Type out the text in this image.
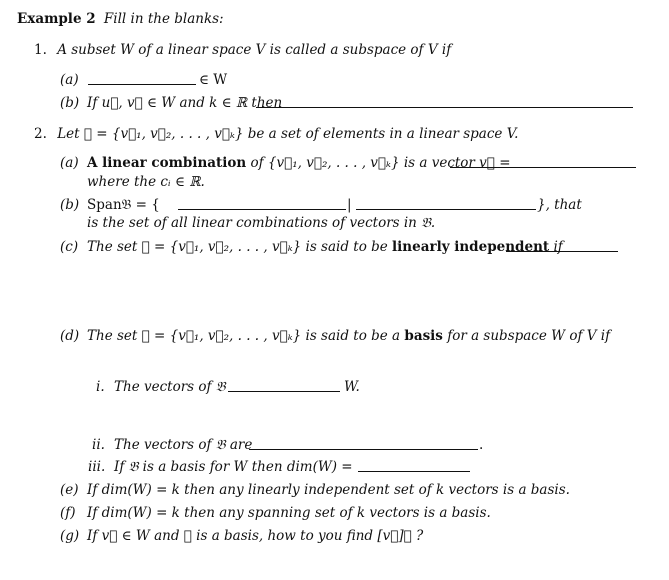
Example 2 Fill in the blanks:
1. A subset W of a linear space V is called a subspace of V if
(a)	∈ W
(b) If u⃗, v⃗ ∈ W and k ∈ ℝ then
2. Let 𝔅 = {v⃗₁, v⃗₂, . . . , v⃗ₖ} be a set of elements in a linear space V.
(a) A linear combination of {v⃗₁, v⃗₂, . . . , v⃗ₖ} is a vector v⃗ =
where the cᵢ ∈ ℝ.
(b) Span𝔅 = {	|	}, that
is the set of all linear combinations of vectors in 𝔅.
(c) The set 𝔅 = {v⃗₁, v⃗₂, . . . , v⃗ₖ} is said to be linearly independent if
(d) The set 𝔅 = {v⃗₁, v⃗₂, . . . , v⃗ₖ} is said to be a basis for a subspace W of V if
i. The vectors of 𝔅	W.
ii. The vectors of 𝔅 are	.
iii. If 𝔅 is a basis for W then dim(W) =
(e) If dim(W) = k then any linearly independent set of k vectors is a basis.
(f) If dim(W) = k then any spanning set of k vectors is a basis.
(g) If v⃗ ∈ W and 𝔅 is a basis, how to you find [v⃗]𝔅 ?
